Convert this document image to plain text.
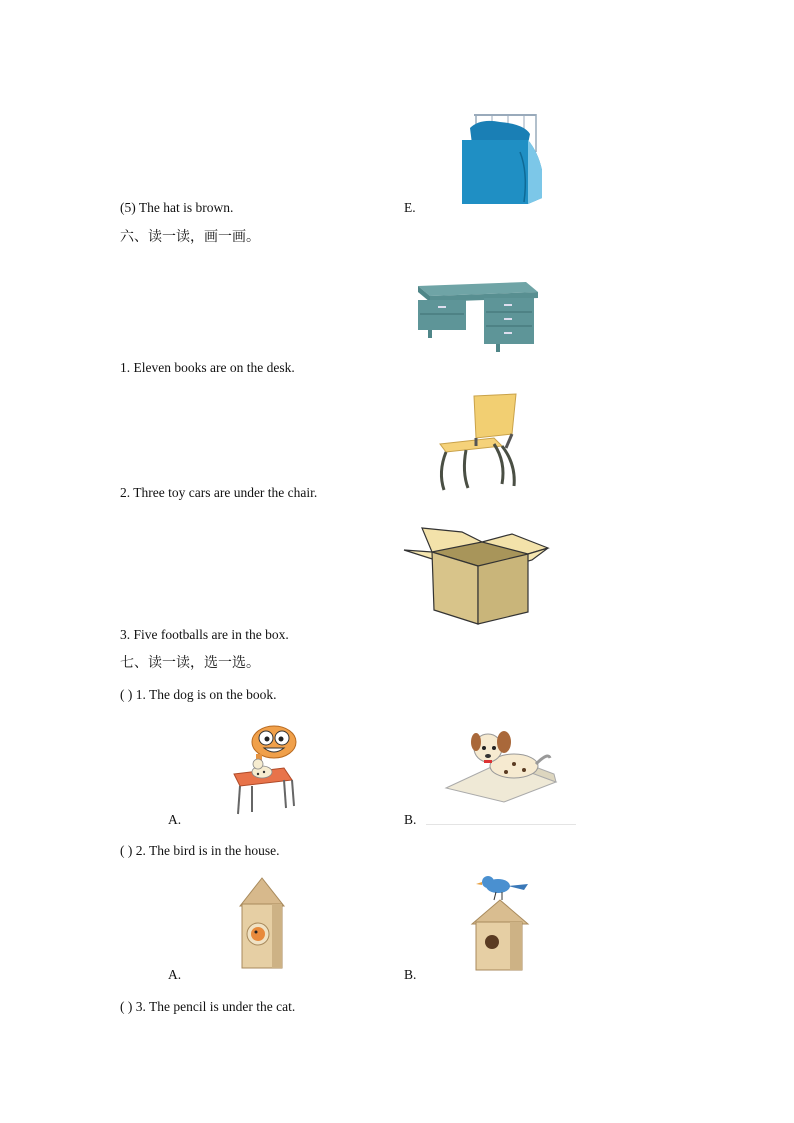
(5) The hat is brown.	E.
六、读一读，画一画。
1. Eleven books are on the desk.
2. Three toy cars are under the chair.
3. Five footballs are in the box.
七、读一读，选一选。
( ) 1. The dog is on the book.
A.	B.
( ) 2. The bird is in the house.
A.	B.
( ) 3. The pencil is under the cat.
